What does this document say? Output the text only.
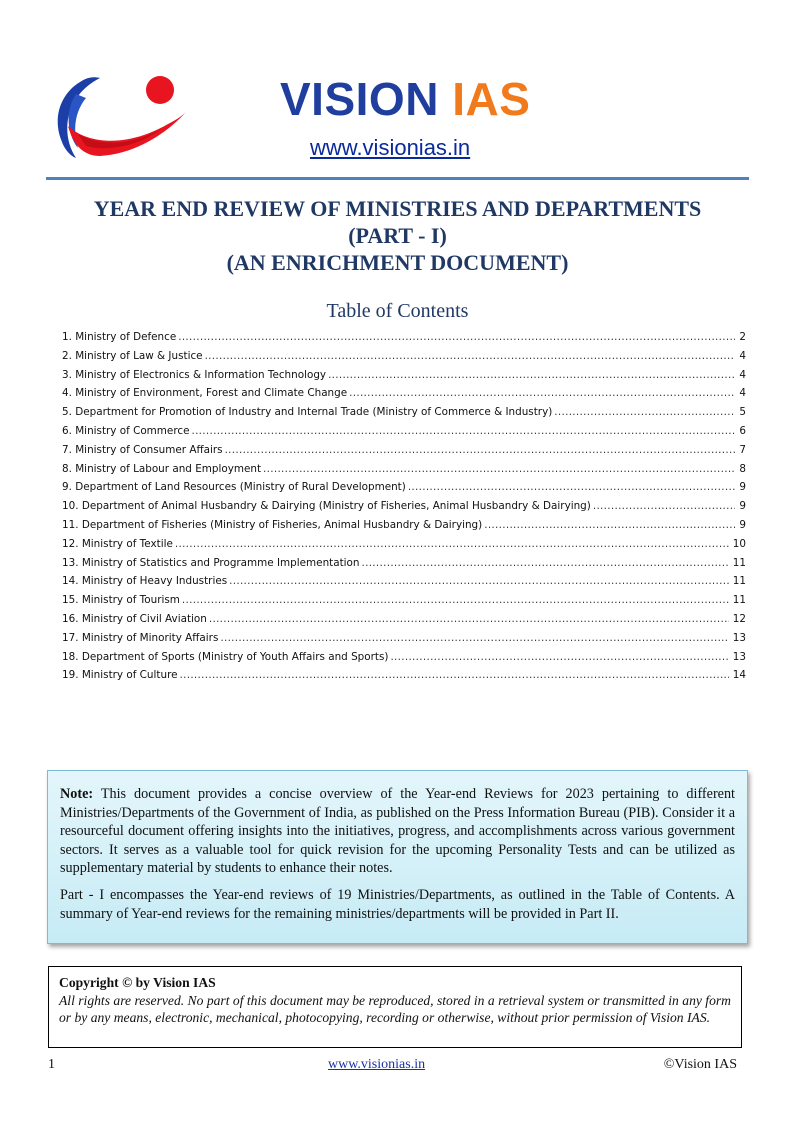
VISION IAS
www.visionias.in
YEAR END REVIEW OF MINISTRIES AND DEPARTMENTS
(PART - I)
(AN ENRICHMENT DOCUMENT)
Table of Contents
1. Ministry of Defence .....	2
2. Ministry of Law & Justice .....	4
3. Ministry of Electronics & Information Technology .....	4
4. Ministry of Environment, Forest and Climate Change .....	4
5. Department for Promotion of Industry and Internal Trade (Ministry of Commerce & Industry) .....	5
6. Ministry of Commerce .....	6
7. Ministry of Consumer Affairs .....	7
8. Ministry of Labour and Employment .....	8
9. Department of Land Resources (Ministry of Rural Development) .....	9
10. Department of Animal Husbandry & Dairying (Ministry of Fisheries, Animal Husbandry & Dairying) .....	9
11. Department of Fisheries (Ministry of Fisheries, Animal Husbandry & Dairying) .....	9
12. Ministry of Textile .....	10
13. Ministry of Statistics and Programme Implementation .....	11
14. Ministry of Heavy Industries .....	11
15. Ministry of Tourism .....	11
16. Ministry of Civil Aviation .....	12
17. Ministry of Minority Affairs .....	13
18. Department of Sports (Ministry of Youth Affairs and Sports) .....	13
19. Ministry of Culture .....	14

Note: This document provides a concise overview of the Year-end Reviews for 2023 pertaining to different Ministries/Departments of the Government of India, as published on the Press Information Bureau (PIB). Consider it a resourceful document offering insights into the initiatives, progress, and accomplishments across various government sectors. It serves as a valuable tool for quick revision for the upcoming Personality Tests and can be utilized as supplementary material by students to enhance their notes.

Part - I encompasses the Year-end reviews of 19 Ministries/Departments, as outlined in the Table of Contents. A summary of Year-end reviews for the remaining ministries/departments will be provided in Part II.

Copyright © by Vision IAS
All rights are reserved. No part of this document may be reproduced, stored in a retrieval system or transmitted in any form or by any means, electronic, mechanical, photocopying, recording or otherwise, without prior permission of Vision IAS.
1	www.visionias.in	©Vision IAS
